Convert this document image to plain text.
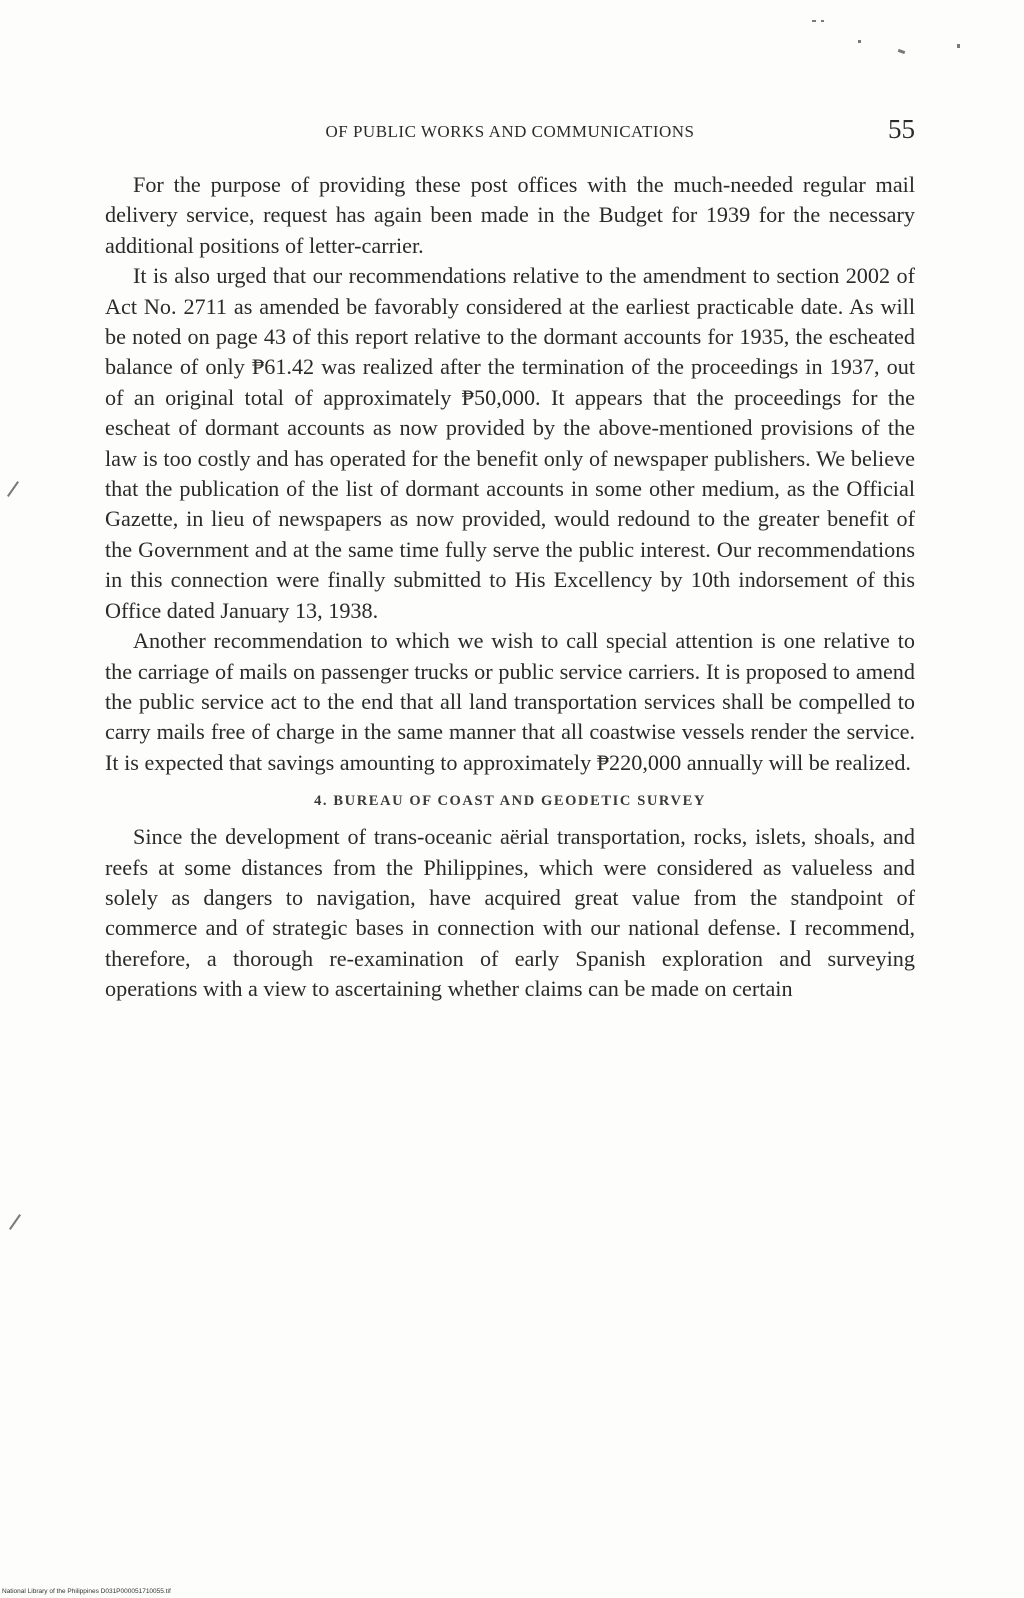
OF PUBLIC WORKS AND COMMUNICATIONS	55

For the purpose of providing these post offices with the much-needed regular mail delivery service, request has again been made in the Budget for 1939 for the necessary additional positions of letter-carrier.

It is also urged that our recommendations relative to the amendment to section 2002 of Act No. 2711 as amended be favorably considered at the earliest practicable date. As will be noted on page 43 of this report relative to the dormant accounts for 1935, the escheated balance of only ₱61.42 was realized after the termination of the proceedings in 1937, out of an original total of approximately ₱50,000. It appears that the proceedings for the escheat of dormant accounts as now provided by the above-mentioned provisions of the law is too costly and has operated for the benefit only of newspaper publishers. We believe that the publication of the list of dormant accounts in some other medium, as the Official Gazette, in lieu of newspapers as now provided, would redound to the greater benefit of the Government and at the same time fully serve the public interest. Our recommendations in this connection were finally submitted to His Excellency by 10th indorsement of this Office dated January 13, 1938.

Another recommendation to which we wish to call special attention is one relative to the carriage of mails on passenger trucks or public service carriers. It is proposed to amend the public service act to the end that all land transportation services shall be compelled to carry mails free of charge in the same manner that all coastwise vessels render the service. It is expected that savings amounting to approximately ₱220,000 annually will be realized.

4. BUREAU OF COAST AND GEODETIC SURVEY

Since the development of trans-oceanic aërial transportation, rocks, islets, shoals, and reefs at some distances from the Philippines, which were considered as valueless and solely as dangers to navigation, have acquired great value from the standpoint of commerce and of strategic bases in connection with our national defense. I recommend, therefore, a thorough re-examination of early Spanish exploration and surveying operations with a view to ascertaining whether claims can be made on certain

National Library of the Philippines D031P000051710055.tif
